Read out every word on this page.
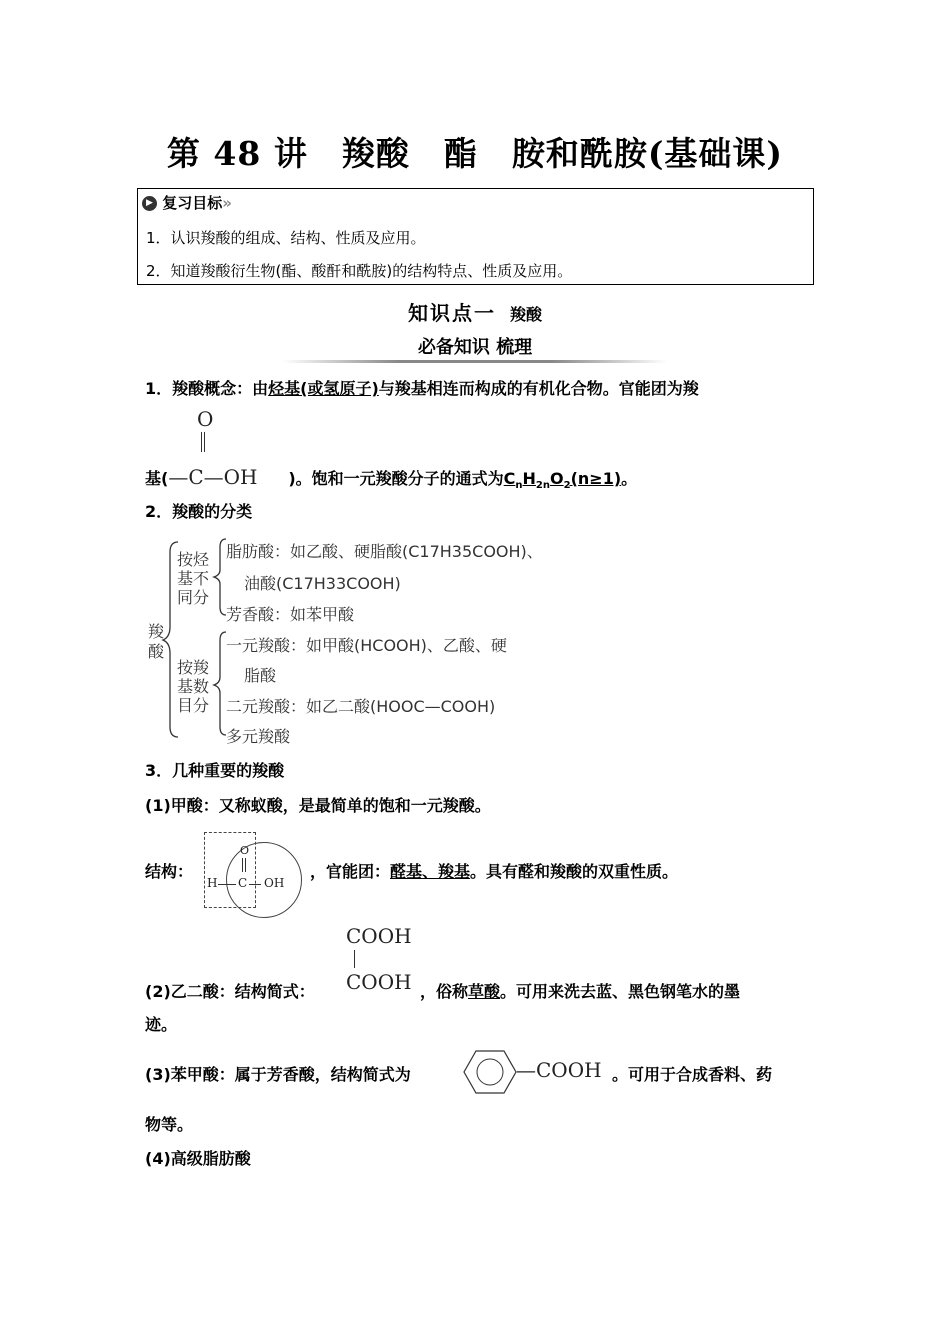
第 48 讲　羧酸　酯　胺和酰胺(基础课)
▶ 复习目标»
1．认识羧酸的组成、结构、性质及应用。
2．知道羧酸衍生物(酯、酸酐和酰胺)的结构特点、性质及应用。
知识点一 羧酸
必备知识 梳理
1．羧酸概念：由烃基(或氢原子)与羧基相连而构成的有机化合物。官能团为羧
O
基(—C—OH )。饱和一元羧酸分子的通式为$C_nH_{2n}O_2(n\ge 1)$。
2．羧酸的分类
羧酸
按烃基不同分
按羧基数目分
脂肪酸：如乙酸、硬脂酸(C17H35COOH)、
油酸(C17H33COOH)
芳香酸：如苯甲酸
一元羧酸：如甲酸(HCOOH)、乙酸、硬
脂酸
二元羧酸：如乙二酸(HOOC—COOH)
多元羧酸
3．几种重要的羧酸
(1)甲酸：又称蚁酸，是最简单的饱和一元羧酸。
结构：
O
H C OH
，官能团：醛基、羧基。具有醛和羧酸的双重性质。
COOH
COOH
(2)乙二酸：结构简式：	，俗称草酸。可用来洗去蓝、黑色钢笔水的墨
迹。
(3)苯甲酸：属于芳香酸，结构简式为	—COOH 。可用于合成香料、药
物等。
(4)高级脂肪酸
